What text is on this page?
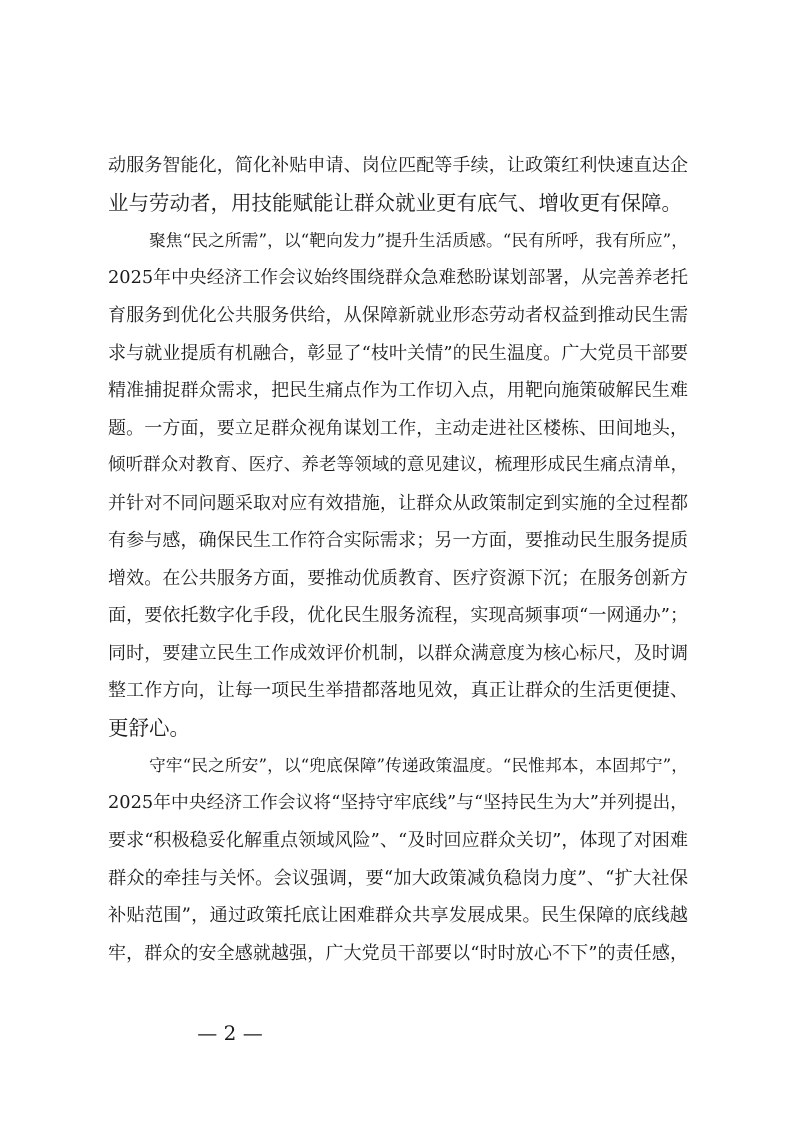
动服务智能化，简化补贴申请、岗位匹配等手续，让政策红利快速直达企
业与劳动者，用技能赋能让群众就业更有底气、增收更有保障。
聚焦“民之所需”，以“靶向发力”提升生活质感。“民有所呼，我有所应”，
2025年中央经济工作会议始终围绕群众急难愁盼谋划部署，从完善养老托
育服务到优化公共服务供给，从保障新就业形态劳动者权益到推动民生需
求与就业提质有机融合，彰显了“枝叶关情”的民生温度。广大党员干部要
精准捕捉群众需求，把民生痛点作为工作切入点，用靶向施策破解民生难
题。一方面，要立足群众视角谋划工作，主动走进社区楼栋、田间地头，
倾听群众对教育、医疗、养老等领域的意见建议，梳理形成民生痛点清单，
并针对不同问题采取对应有效措施，让群众从政策制定到实施的全过程都
有参与感，确保民生工作符合实际需求；另一方面，要推动民生服务提质
增效。在公共服务方面，要推动优质教育、医疗资源下沉；在服务创新方
面，要依托数字化手段，优化民生服务流程，实现高频事项“一网通办”；
同时，要建立民生工作成效评价机制，以群众满意度为核心标尺，及时调
整工作方向，让每一项民生举措都落地见效，真正让群众的生活更便捷、
更舒心。
守牢“民之所安”，以“兜底保障”传递政策温度。“民惟邦本，本固邦宁”，
2025年中央经济工作会议将“坚持守牢底线”与“坚持民生为大”并列提出，
要求“积极稳妥化解重点领域风险”、“及时回应群众关切”，体现了对困难
群众的牵挂与关怀。会议强调，要“加大政策减负稳岗力度”、“扩大社保
补贴范围”，通过政策托底让困难群众共享发展成果。民生保障的底线越
牢，群众的安全感就越强，广大党员干部要以“时时放心不下”的责任感，
— 2 —
